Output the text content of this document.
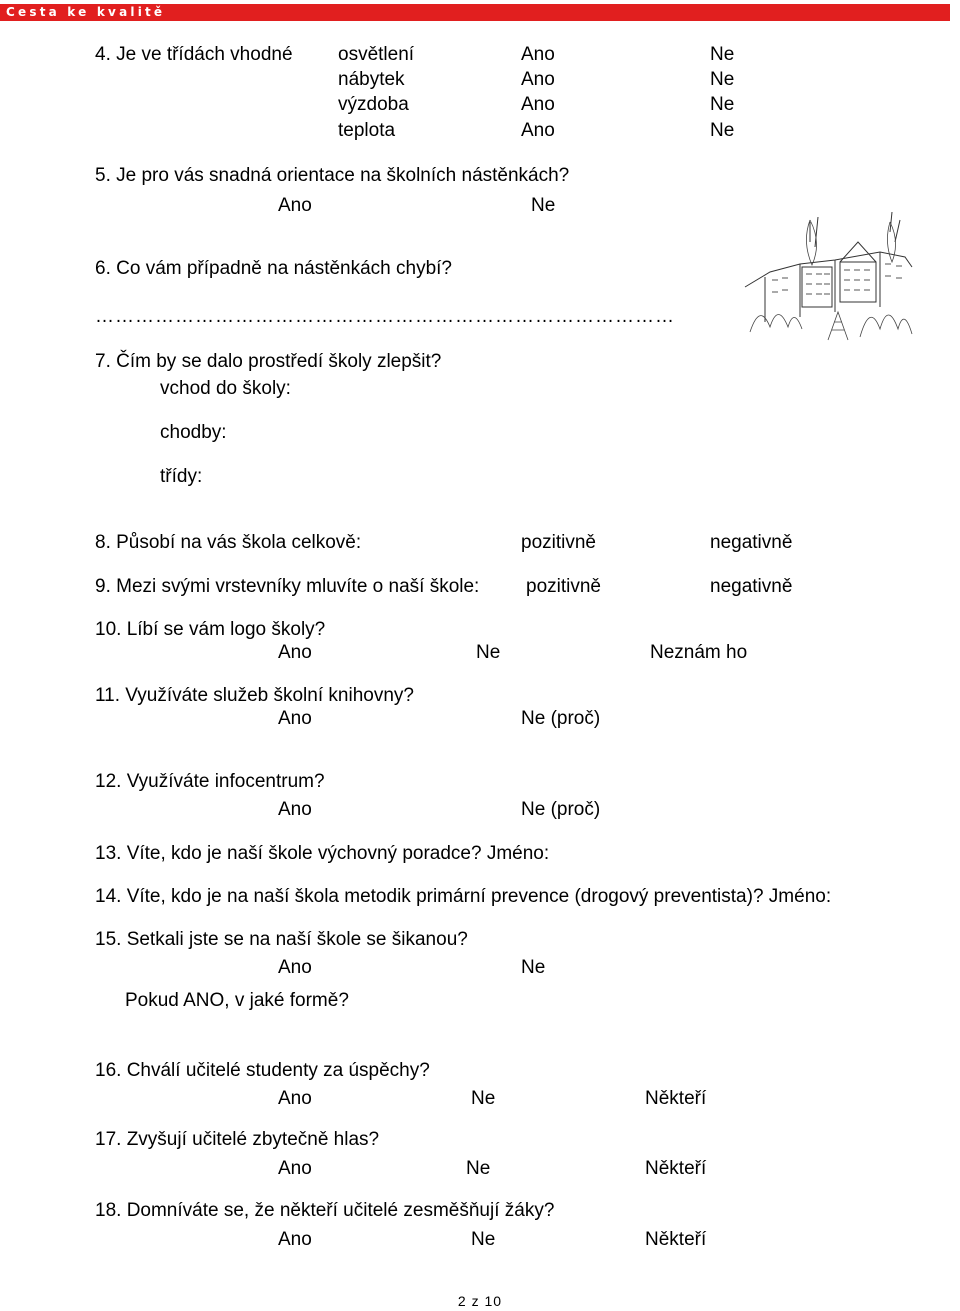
Cesta ke kvalitě
4. Je ve třídách vhodné osvětlení	Ano	Ne
nábytek	Ano	Ne
výzdoba	Ano	Ne
teplota	Ano	Ne
5. Je pro vás snadná orientace na školních nástěnkách?
Ano	Ne
6. Co vám případně na nástěnkách chybí?
……………………………………………………………………………
7. Čím by se dalo prostředí školy zlepšit?
vchod do školy:
chodby:
třídy:
8. Působí na vás škola celkově:	pozitivně	negativně
9. Mezi svými vrstevníky mluvíte o naší škole: pozitivně	negativně
10. Líbí se vám logo školy?
Ano	Ne	Neznám ho
11. Využíváte služeb školní knihovny?
Ano	Ne (proč)
12. Využíváte infocentrum?
Ano	Ne (proč)
13. Víte, kdo je naší škole výchovný poradce? Jméno:
14. Víte, kdo je na naší škola metodik primární prevence (drogový preventista)? Jméno:
15. Setkali jste se na naší škole se šikanou?
Ano	Ne
Pokud ANO, v jaké formě?
16. Chválí učitelé studenty za úspěchy?
Ano	Ne	Někteří
17. Zvyšují učitelé zbytečně hlas?
Ano	Ne	Někteří
18. Domníváte se, že někteří učitelé zesměšňují žáky?
Ano	Ne	Někteří
2 z 10
